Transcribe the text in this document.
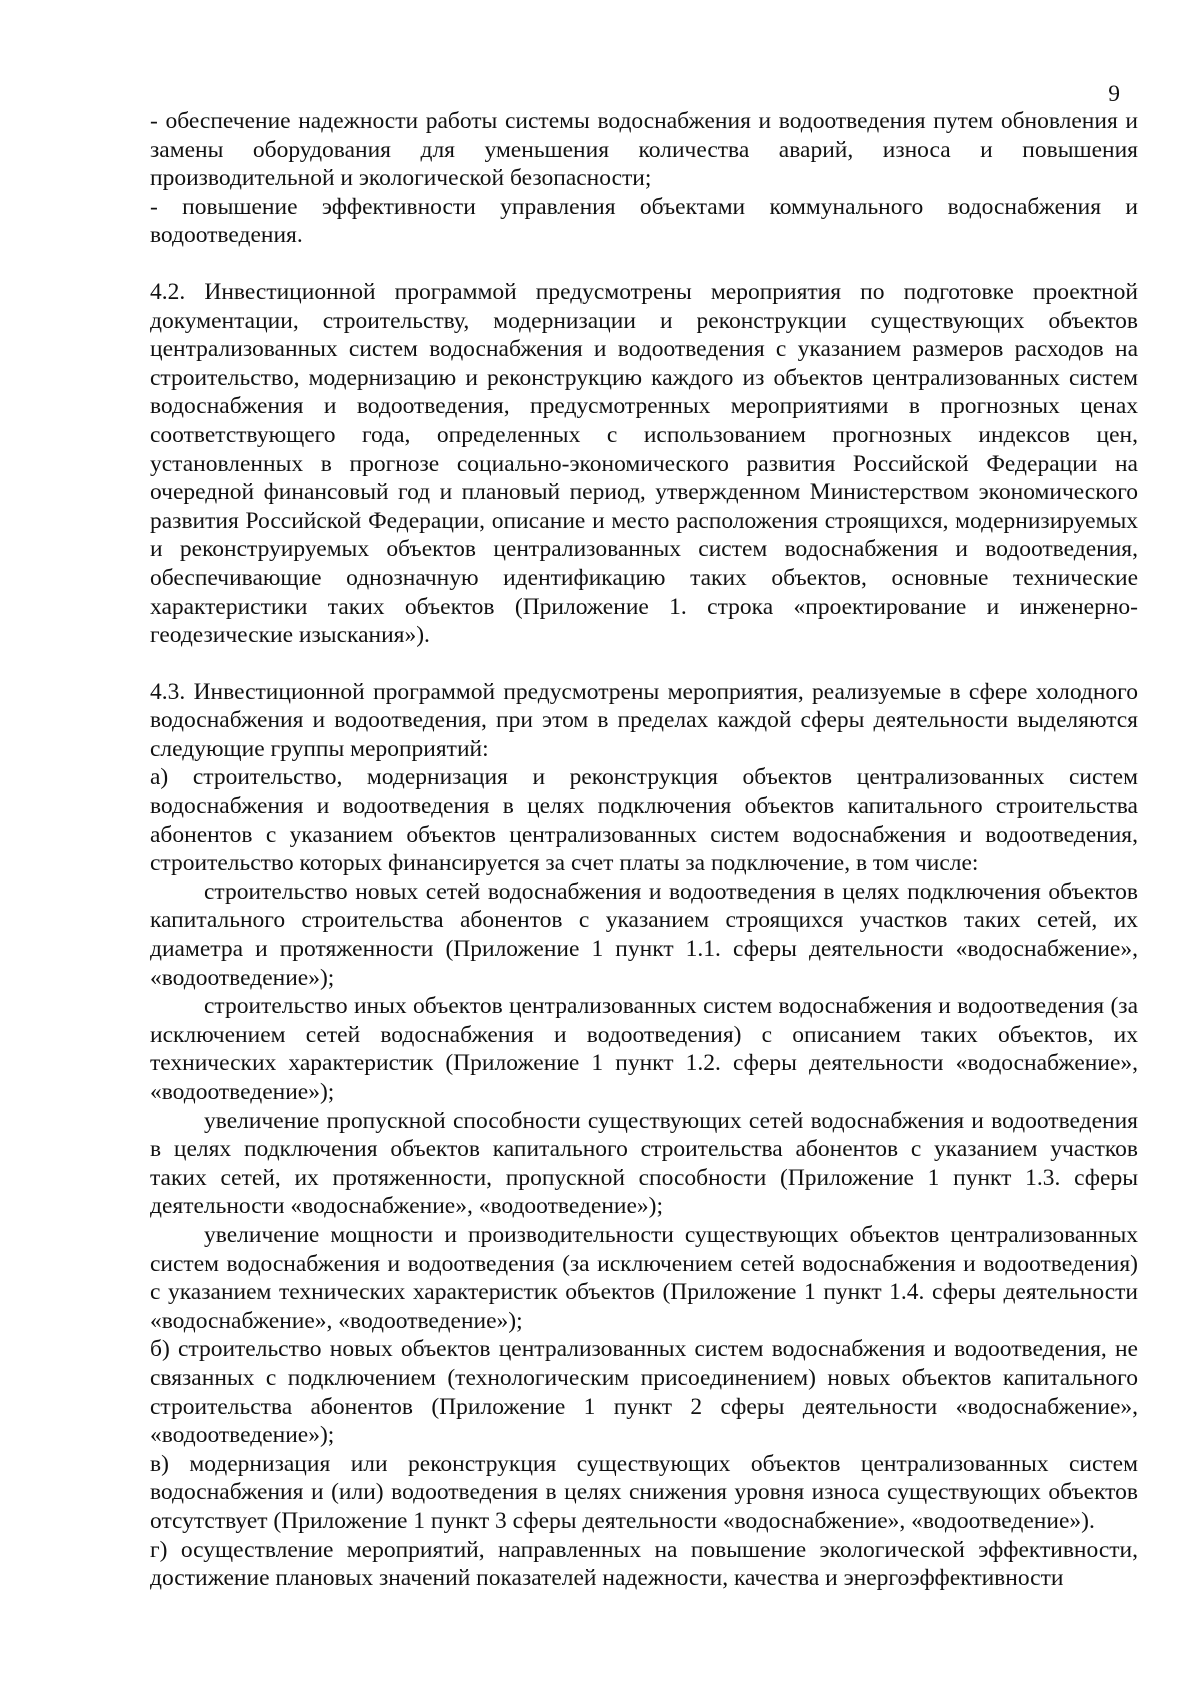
9

- обеспечение надежности работы системы водоснабжения и водоотведения путем обновления и замены оборудования для уменьшения количества аварий, износа и повышения производительной и экологической безопасности;

- повышение эффективности управления объектами коммунального водоснабжения и водоотведения.

4.2. Инвестиционной программой предусмотрены мероприятия по подготовке проектной документации, строительству, модернизации и реконструкции существующих объектов централизованных систем водоснабжения и водоотведения с указанием размеров расходов на строительство, модернизацию и реконструкцию каждого из объектов централизованных систем водоснабжения и водоотведения, предусмотренных мероприятиями в прогнозных ценах соответствующего года, определенных с использованием прогнозных индексов цен, установленных в прогнозе социально-экономического развития Российской Федерации на очередной финансовый год и плановый период, утвержденном Министерством экономического развития Российской Федерации, описание и место расположения строящихся, модернизируемых и реконструируемых объектов централизованных систем водоснабжения и водоотведения, обеспечивающие однозначную идентификацию таких объектов, основные технические характеристики таких объектов (Приложение 1. строка «проектирование и инженерно-геодезические изыскания»).

4.3. Инвестиционной программой предусмотрены мероприятия, реализуемые в сфере холодного водоснабжения и водоотведения, при этом в пределах каждой сферы деятельности выделяются следующие группы мероприятий:

а) строительство, модернизация и реконструкция объектов централизованных систем водоснабжения и водоотведения в целях подключения объектов капитального строительства абонентов с указанием объектов централизованных систем водоснабжения и водоотведения, строительство которых финансируется за счет платы за подключение, в том числе:

строительство новых сетей водоснабжения и водоотведения в целях подключения объектов капитального строительства абонентов с указанием строящихся участков таких сетей, их диаметра и протяженности (Приложение 1 пункт 1.1. сферы деятельности «водоснабжение», «водоотведение»);

строительство иных объектов централизованных систем водоснабжения и водоотведения (за исключением сетей водоснабжения и водоотведения) с описанием таких объектов, их технических характеристик (Приложение 1 пункт 1.2. сферы деятельности «водоснабжение», «водоотведение»);

увеличение пропускной способности существующих сетей водоснабжения и водоотведения в целях подключения объектов капитального строительства абонентов с указанием участков таких сетей, их протяженности, пропускной способности (Приложение 1 пункт 1.3. сферы деятельности «водоснабжение», «водоотведение»);

увеличение мощности и производительности существующих объектов централизованных систем водоснабжения и водоотведения (за исключением сетей водоснабжения и водоотведения) с указанием технических характеристик объектов (Приложение 1 пункт 1.4. сферы деятельности «водоснабжение», «водоотведение»);

б) строительство новых объектов централизованных систем водоснабжения и водоотведения, не связанных с подключением (технологическим присоединением) новых объектов капитального строительства абонентов (Приложение 1 пункт 2 сферы деятельности «водоснабжение», «водоотведение»);

в) модернизация или реконструкция существующих объектов централизованных систем водоснабжения и (или) водоотведения в целях снижения уровня износа существующих объектов отсутствует (Приложение 1 пункт 3 сферы деятельности «водоснабжение», «водоотведение»).

г) осуществление мероприятий, направленных на повышение экологической эффективности, достижение плановых значений показателей надежности, качества и энергоэффективности
